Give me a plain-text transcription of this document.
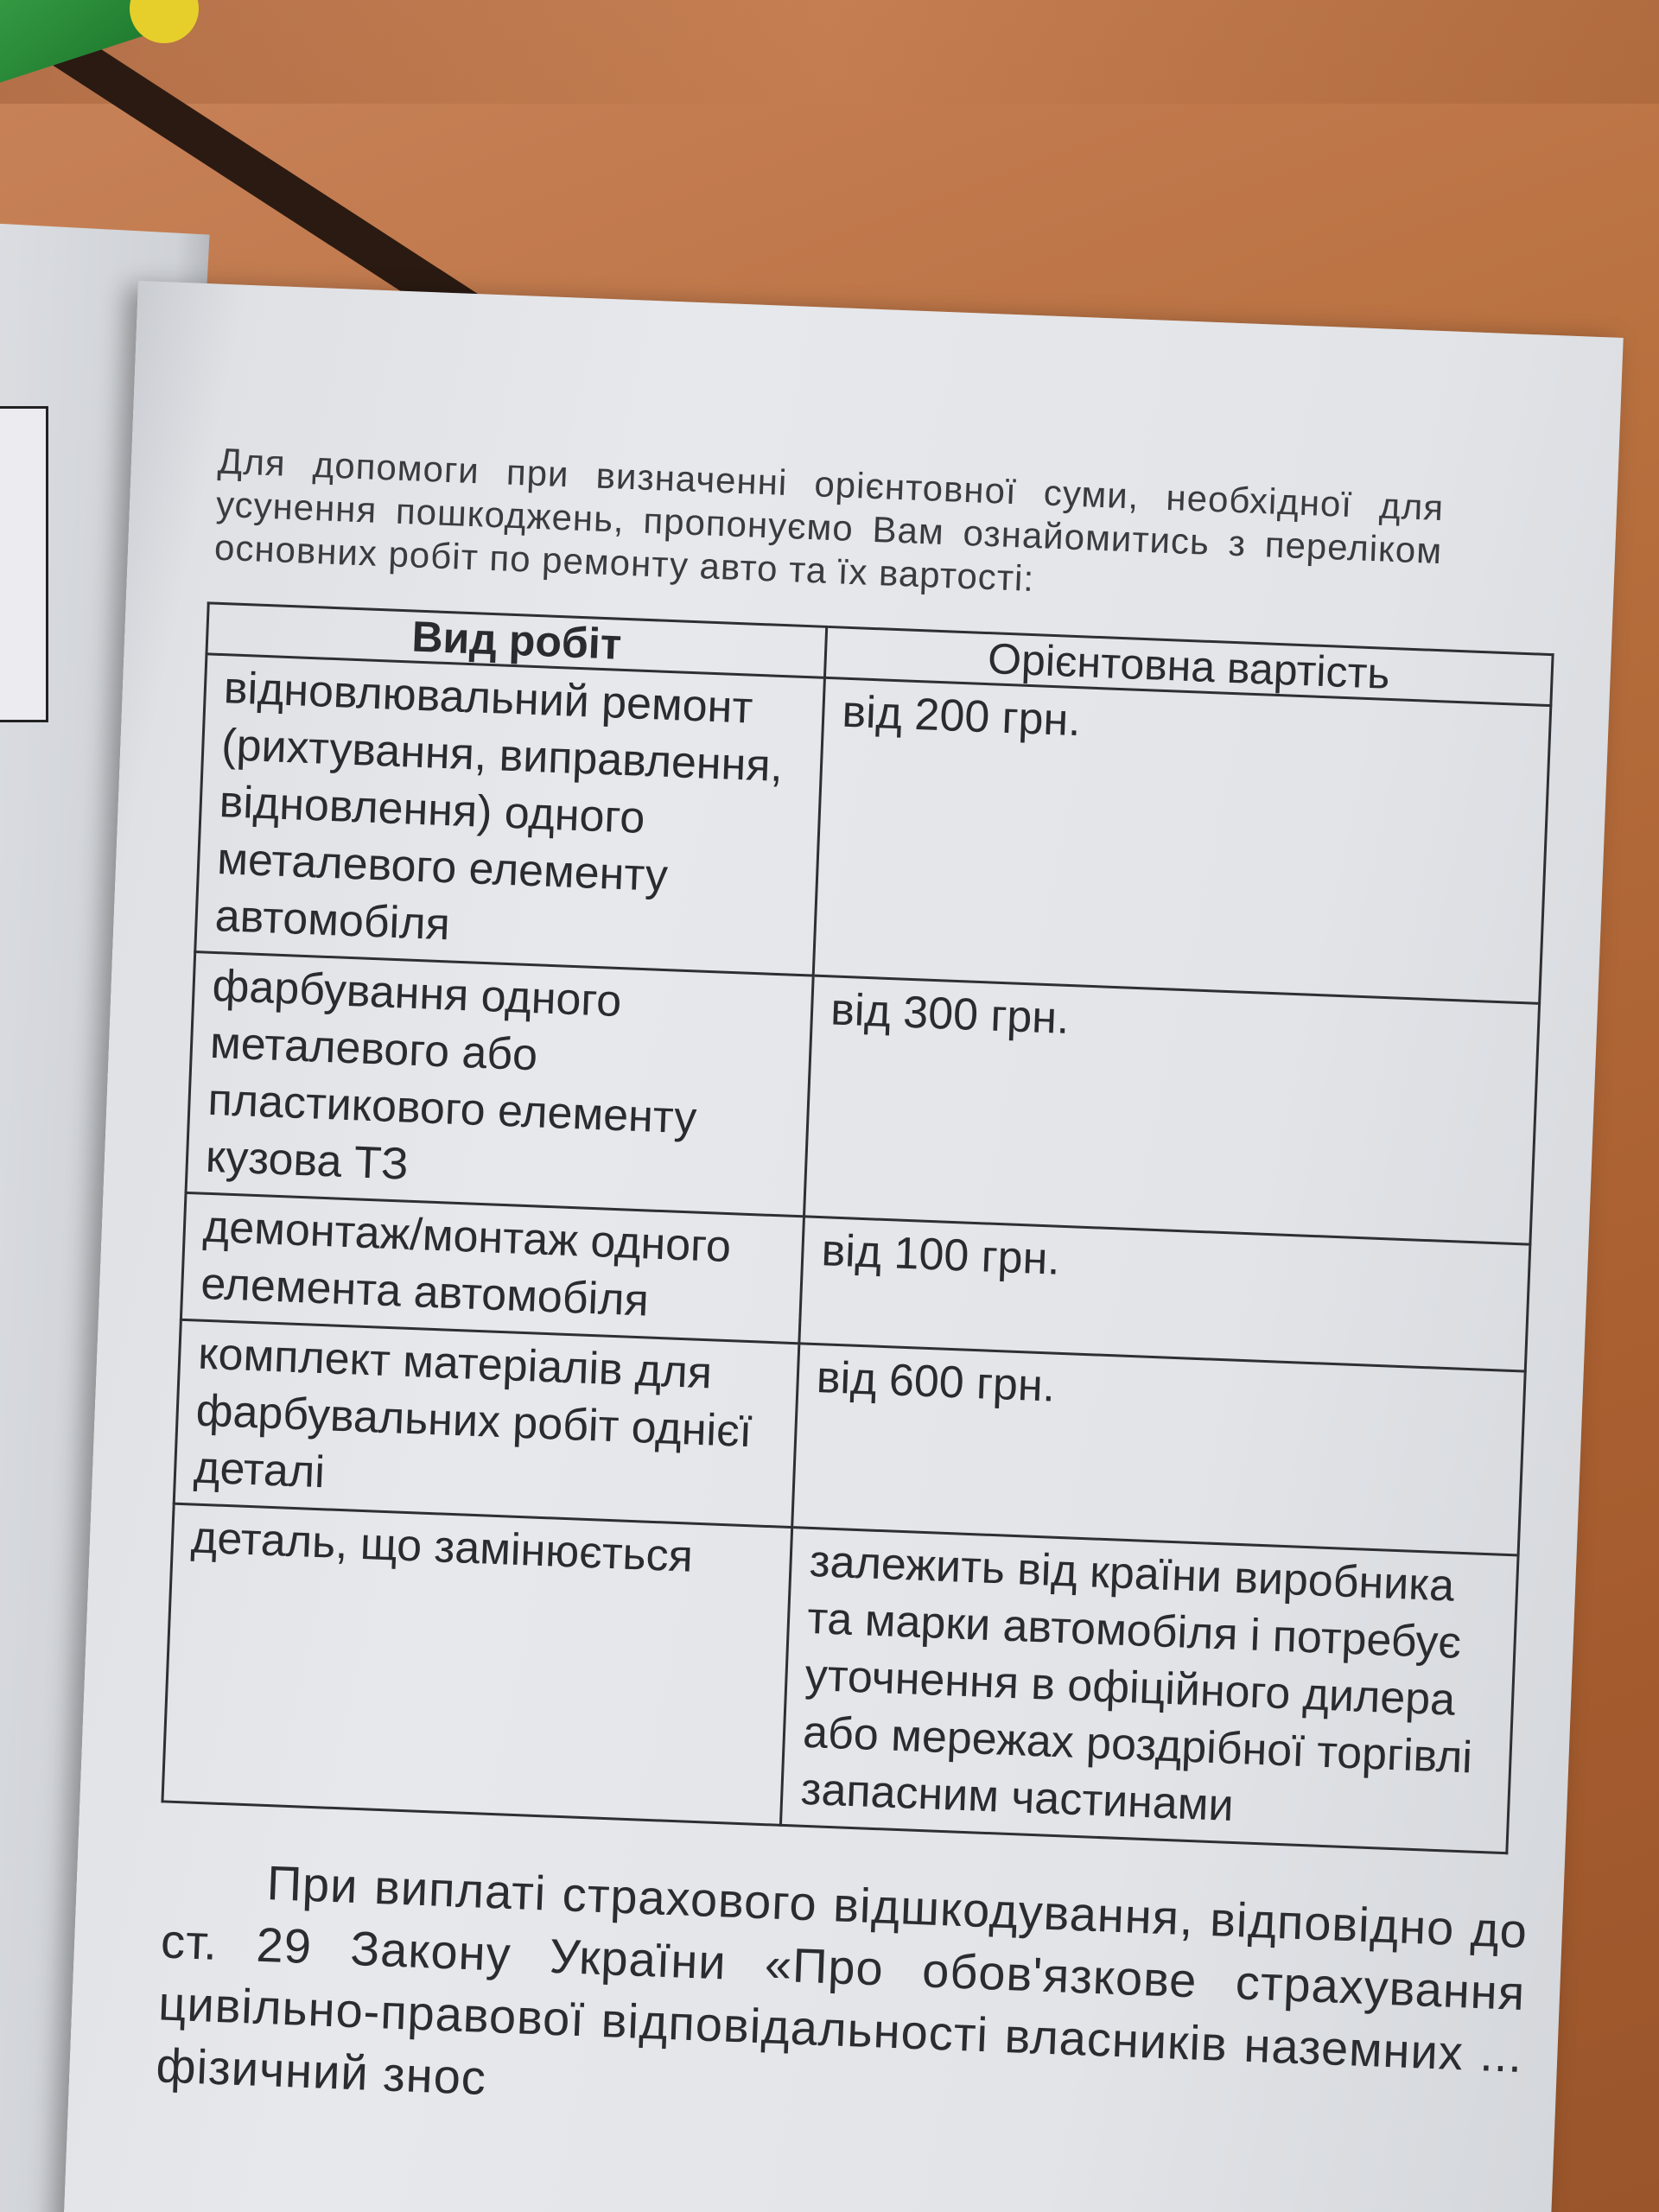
Для допомоги при визначенні орієнтовної суми, необхідної для усунення пошкоджень, пропонуємо Вам ознайомитись з переліком основних робіт по ремонту авто та їх вартості:

Вид робіт	Орієнтовна вартість
відновлювальний ремонт (рихтування, виправлення, відновлення) одного металевого елементу автомобіля	від 200 грн.
фарбування одного металевого або пластикового елементу кузова ТЗ	від 300 грн.
демонтаж/монтаж одного елемента автомобіля	від 100 грн.
комплект матеріалів для фарбувальних робіт однієї деталі	від 600 грн.
деталь, що замінюється	залежить від країни виробника та марки автомобіля і потребує уточнення в офіційного дилера або мережах роздрібної торгівлі запасним частинами

При виплаті страхового відшкодування, відповідно до ст. 29 Закону України «Про обов'язкове страхування цивільно-правової відповідальності власників наземних ... фізичний знос
